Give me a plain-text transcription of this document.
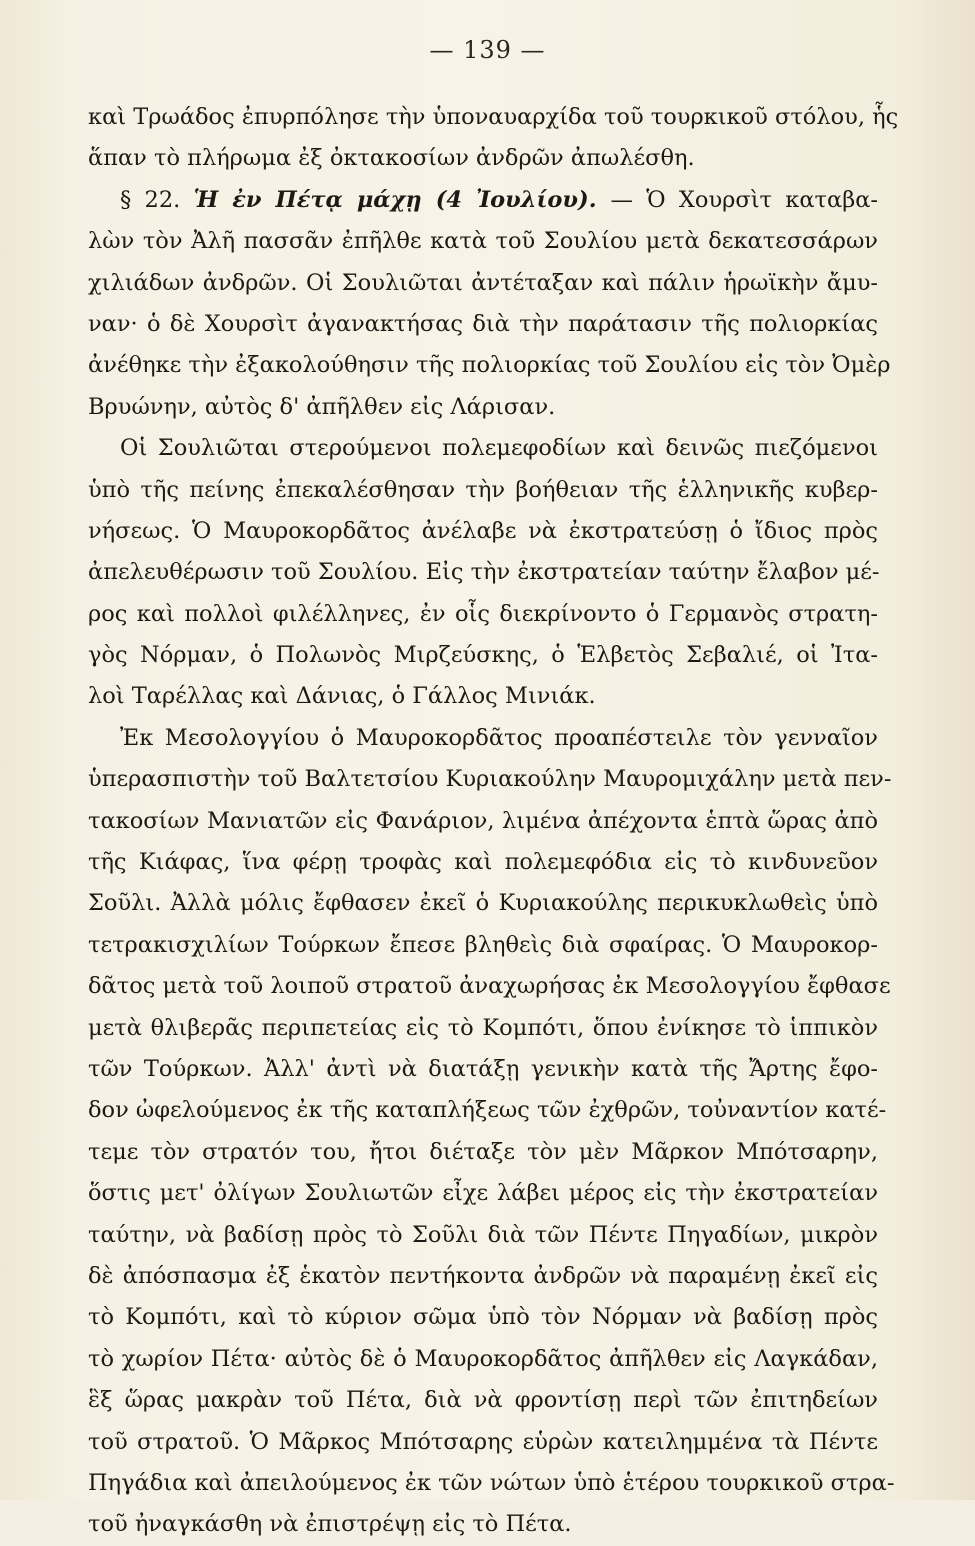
— 139 —
καὶ Τρωάδος ἐπυρπόλησε τὴν ὑποναυαρχίδα τοῦ τουρκικοῦ στόλου, ἧς
ἅπαν τὸ πλήρωμα ἐξ ὀκτακοσίων ἀνδρῶν ἀπωλέσθη.
§ 22. Ἡ ἐν Πέτᾳ μάχῃ (4 Ἰουλίου). — Ὁ Χουρσὶτ καταβα-
λὼν τὸν Ἀλῆ πασσᾶν ἐπῆλθε κατὰ τοῦ Σουλίου μετὰ δεκατεσσάρων
χιλιάδων ἀνδρῶν. Οἱ Σουλιῶται ἀντέταξαν καὶ πάλιν ἡρωϊκὴν ἄμυ-
ναν· ὁ δὲ Χουρσὶτ ἀγανακτήσας διὰ τὴν παράτασιν τῆς πολιορκίας
ἀνέθηκε τὴν ἐξακολούθησιν τῆς πολιορκίας τοῦ Σουλίου εἰς τὸν Ὀμὲρ
Βρυώνην, αὐτὸς δ' ἀπῆλθεν εἰς Λάρισαν.
Οἱ Σουλιῶται στερούμενοι πολεμεφοδίων καὶ δεινῶς πιεζόμενοι
ὑπὸ τῆς πείνης ἐπεκαλέσθησαν τὴν βοήθειαν τῆς ἑλληνικῆς κυβερ-
νήσεως. Ὁ Μαυροκορδᾶτος ἀνέλαβε νὰ ἐκστρατεύσῃ ὁ ἴδιος πρὸς
ἀπελευθέρωσιν τοῦ Σουλίου. Εἰς τὴν ἐκστρατείαν ταύτην ἔλαβον μέ-
ρος καὶ πολλοὶ φιλέλληνες, ἐν οἷς διεκρίνοντο ὁ Γερμανὸς στρατη-
γὸς Νόρμαν, ὁ Πολωνὸς Μιρζεύσκης, ὁ Ἑλβετὸς Σεβαλιέ, οἱ Ἰτα-
λοὶ Ταρέλλας καὶ Δάνιας, ὁ Γάλλος Μινιάκ.
Ἐκ Μεσολογγίου ὁ Μαυροκορδᾶτος προαπέστειλε τὸν γενναῖον
ὑπερασπιστὴν τοῦ Βαλτετσίου Κυριακούλην Μαυρομιχάλην μετὰ πεν-
τακοσίων Μανιατῶν εἰς Φανάριον, λιμένα ἀπέχοντα ἑπτὰ ὥρας ἀπὸ
τῆς Κιάφας, ἵνα φέρῃ τροφὰς καὶ πολεμεφόδια εἰς τὸ κινδυνεῦον
Σοῦλι. Ἀλλὰ μόλις ἔφθασεν ἐκεῖ ὁ Κυριακούλης περικυκλωθεὶς ὑπὸ
τετρακισχιλίων Τούρκων ἔπεσε βληθεὶς διὰ σφαίρας. Ὁ Μαυροκορ-
δᾶτος μετὰ τοῦ λοιποῦ στρατοῦ ἀναχωρήσας ἐκ Μεσολογγίου ἔφθασε
μετὰ θλιβερᾶς περιπετείας εἰς τὸ Κομπότι, ὅπου ἐνίκησε τὸ ἱππικὸν
τῶν Τούρκων. Ἀλλ' ἀντὶ νὰ διατάξῃ γενικὴν κατὰ τῆς Ἄρτης ἔφο-
δον ὠφελούμενος ἐκ τῆς καταπλήξεως τῶν ἐχθρῶν, τοὐναντίον κατέ-
τεμε τὸν στρατόν του, ἤτοι διέταξε τὸν μὲν Μᾶρκον Μπότσαρην,
ὅστις μετ' ὀλίγων Σουλιωτῶν εἶχε λάβει μέρος εἰς τὴν ἐκστρατείαν
ταύτην, νὰ βαδίσῃ πρὸς τὸ Σοῦλι διὰ τῶν Πέντε Πηγαδίων, μικρὸν
δὲ ἀπόσπασμα ἐξ ἑκατὸν πεντήκοντα ἀνδρῶν νὰ παραμένῃ ἐκεῖ εἰς
τὸ Κομπότι, καὶ τὸ κύριον σῶμα ὑπὸ τὸν Νόρμαν νὰ βαδίσῃ πρὸς
τὸ χωρίον Πέτα· αὐτὸς δὲ ὁ Μαυροκορδᾶτος ἀπῆλθεν εἰς Λαγκάδαν,
ἓξ ὥρας μακρὰν τοῦ Πέτα, διὰ νὰ φροντίσῃ περὶ τῶν ἐπιτηδείων
τοῦ στρατοῦ. Ὁ Μᾶρκος Μπότσαρης εὑρὼν κατειλημμένα τὰ Πέντε
Πηγάδια καὶ ἀπειλούμενος ἐκ τῶν νώτων ὑπὸ ἑτέρου τουρκικοῦ στρα-
τοῦ ἠναγκάσθη νὰ ἐπιστρέψῃ εἰς τὸ Πέτα.
